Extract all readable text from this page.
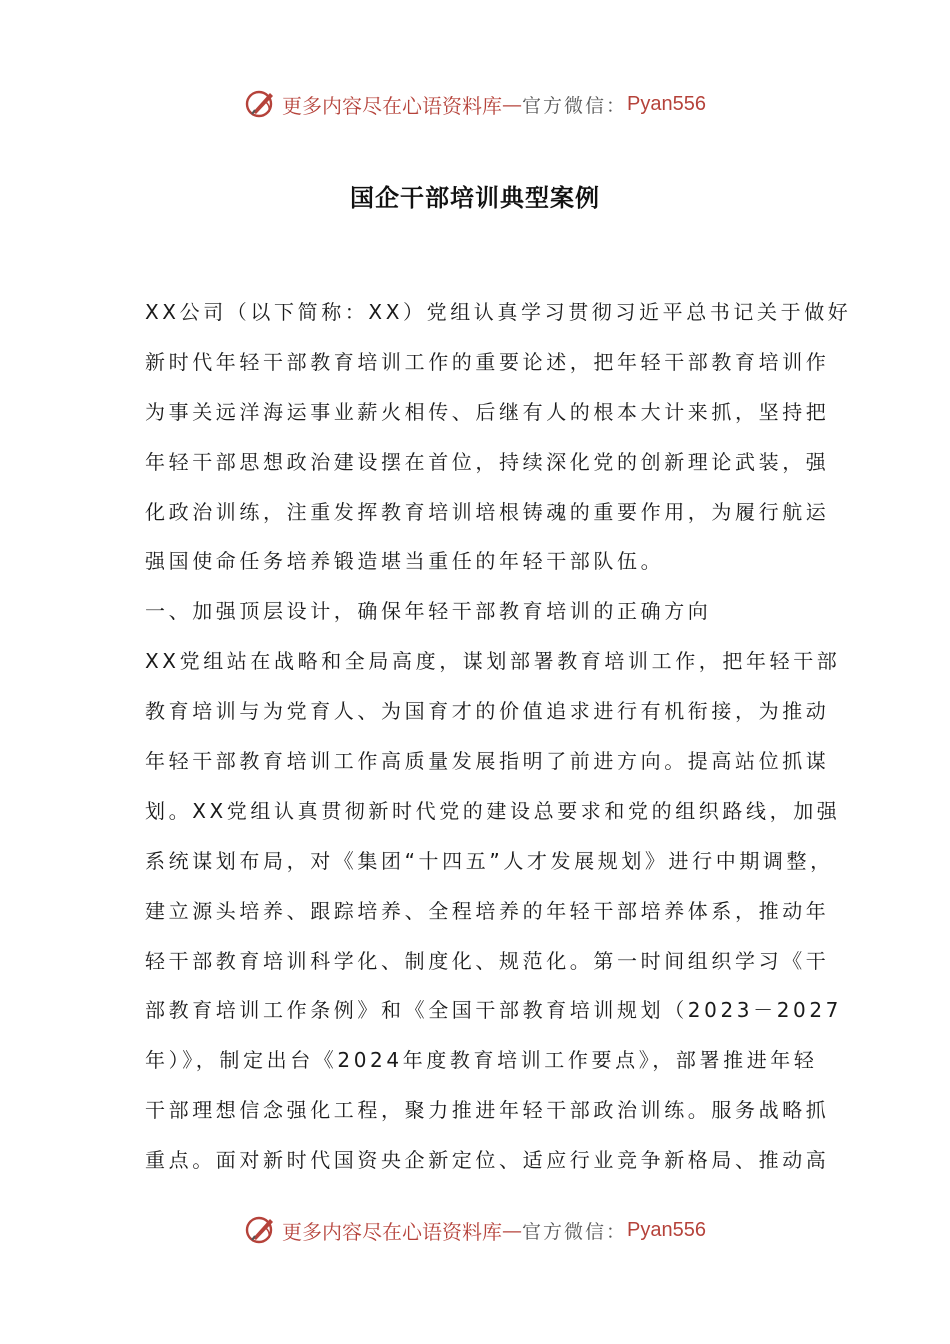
更多内容尽在心语资料库 — 官方微信： Pyan556
国企干部培训典型案例
XX公司（以下简称：XX）党组认真学习贯彻习近平总书记关于做好
新时代年轻干部教育培训工作的重要论述，把年轻干部教育培训作
为事关远洋海运事业薪火相传、后继有人的根本大计来抓，坚持把
年轻干部思想政治建设摆在首位，持续深化党的创新理论武装，强
化政治训练，注重发挥教育培训培根铸魂的重要作用，为履行航运
强国使命任务培养锻造堪当重任的年轻干部队伍。
一、加强顶层设计，确保年轻干部教育培训的正确方向
XX党组站在战略和全局高度，谋划部署教育培训工作，把年轻干部
教育培训与为党育人、为国育才的价值追求进行有机衔接，为推动
年轻干部教育培训工作高质量发展指明了前进方向。提高站位抓谋
划。XX党组认真贯彻新时代党的建设总要求和党的组织路线，加强
系统谋划布局，对《集团“十四五”人才发展规划》进行中期调整，
建立源头培养、跟踪培养、全程培养的年轻干部培养体系，推动年
轻干部教育培训科学化、制度化、规范化。第一时间组织学习《干
部教育培训工作条例》和《全国干部教育培训规划（2023－2027
年）》，制定出台《2024年度教育培训工作要点》，部署推进年轻
干部理想信念强化工程，聚力推进年轻干部政治训练。服务战略抓
重点。面对新时代国资央企新定位、适应行业竞争新格局、推动高
更多内容尽在心语资料库 — 官方微信： Pyan556
